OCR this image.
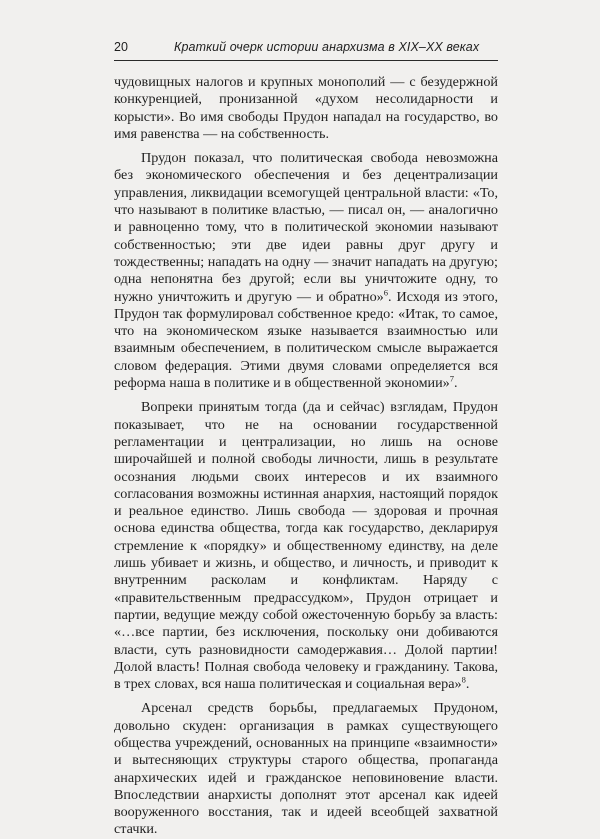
20	Краткий очерк истории анархизма в XIX–XX веках

чудовищных налогов и крупных монополий — с безудержной конкуренцией, пронизанной «духом несолидарности и корысти». Во имя свободы Прудон нападал на государство, во имя равенства — на собственность.

Прудон показал, что политическая свобода невозможна без экономического обеспечения и без децентрализации управления, ликвидации всемогущей центральной власти: «То, что называют в политике властью, — писал он, — аналогично и равноценно тому, что в политической экономии называют собственностью; эти две идеи равны друг другу и тождественны; нападать на одну — значит нападать на другую; одна непонятна без другой; если вы уничтожите одну, то нужно уничтожить и другую — и обратно»$^6$. Исходя из этого, Прудон так формулировал собственное кредо: «Итак, то самое, что на экономическом языке называется взаимностью или взаимным обеспечением, в политическом смысле выражается словом федерация. Этими двумя словами определяется вся реформа наша в политике и в общественной экономии»$^7$.

Вопреки принятым тогда (да и сейчас) взглядам, Прудон показывает, что не на основании государственной регламентации и централизации, но лишь на основе широчайшей и полной свободы личности, лишь в результате осознания людьми своих интересов и их взаимного согласования возможны истинная анархия, настоящий порядок и реальное единство. Лишь свобода — здоровая и прочная основа единства общества, тогда как государство, декларируя стремление к «порядку» и общественному единству, на деле лишь убивает и жизнь, и общество, и личность, и приводит к внутренним расколам и конфликтам. Наряду с «правительственным предрассудком», Прудон отрицает и партии, ведущие между собой ожесточенную борьбу за власть: «…все партии, без исключения, поскольку они добиваются власти, суть разновидности самодержавия… Долой партии! Долой власть! Полная свобода человеку и гражданину. Такова, в трех словах, вся наша политическая и социальная вера»$^8$.

Арсенал средств борьбы, предлагаемых Прудоном, довольно скуден: организация в рамках существующего общества учреждений, основанных на принципе «взаимности» и вытесняющих структуры старого общества, пропаганда анархических идей и гражданское неповиновение власти. Впоследствии анархисты дополнят этот арсенал как идеей вооруженного восстания, так и идеей всеобщей захватной стачки.
